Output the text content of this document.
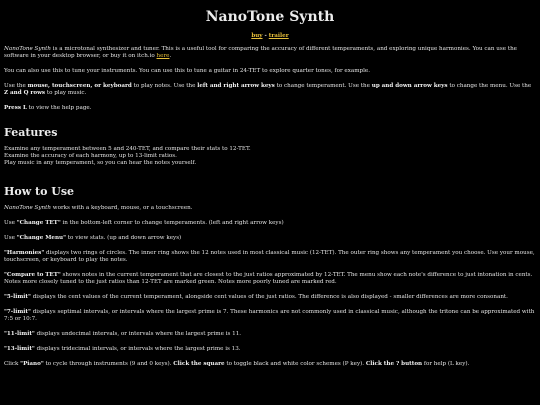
NanoTone Synth
buy - trailer

NanoTone Synth is a microtonal synthesizer and tuner. This is a useful tool for comparing the accuracy of different temperaments, and exploring unique harmonies. You can use the software in your desktop browser, or buy it on itch.io here.

You can also use this to tune your instruments. You can use this to tune a guitar in 24-TET to explore quarter tones, for example.

Use the mouse, touchscreen, or keyboard to play notes. Use the left and right arrow keys to change temperament. Use the up and down arrow keys to change the menu. Use the Z and Q rows to play music.

Press L to view the help page.

Features

Examine any temperament between 5 and 240-TET, and compare their stats to 12-TET.
Examine the accuracy of each harmony, up to 13-limit ratios.
Play music in any temperament, so you can hear the notes yourself.

How to Use

NanoTone Synth works with a keyboard, mouse, or a touchscreen.

Use "Change TET" in the bottom-left corner to change temperaments. (left and right arrow keys)

Use "Change Menu" to view stats. (up and down arrow keys)

"Harmonies" displays two rings of circles. The inner ring shows the 12 notes used in most classical music (12-TET). The outer ring shows any temperament you choose. Use your mouse, touchscreen, or keyboard to play the notes.

"Compare to TET" shows notes in the current temperament that are closest to the just ratios approximated by 12-TET. The menu show each note's difference to just intonation in cents. Notes more closely tuned to the just ratios than 12-TET are marked green. Notes more poorly tuned are marked red.

"5-limit" displays the cent values of the current temperament, alongside cent values of the just ratios. The difference is also displayed - smaller differences are more consonant.

"7-limit" displays septimal intervals, or intervals where the largest prime is 7. These harmonics are not commonly used in classical music, although the tritone can be approximated with 7:5 or 10:7.

"11-limit" displays undecimal intervals, or intervals where the largest prime is 11.

"13-limit" displays tridecimal intervals, or intervals where the largest prime is 13.

Click "Piano" to cycle through instruments (9 and 0 keys). Click the square to toggle black and white color schemes (P key). Click the ? button for help (L key).
